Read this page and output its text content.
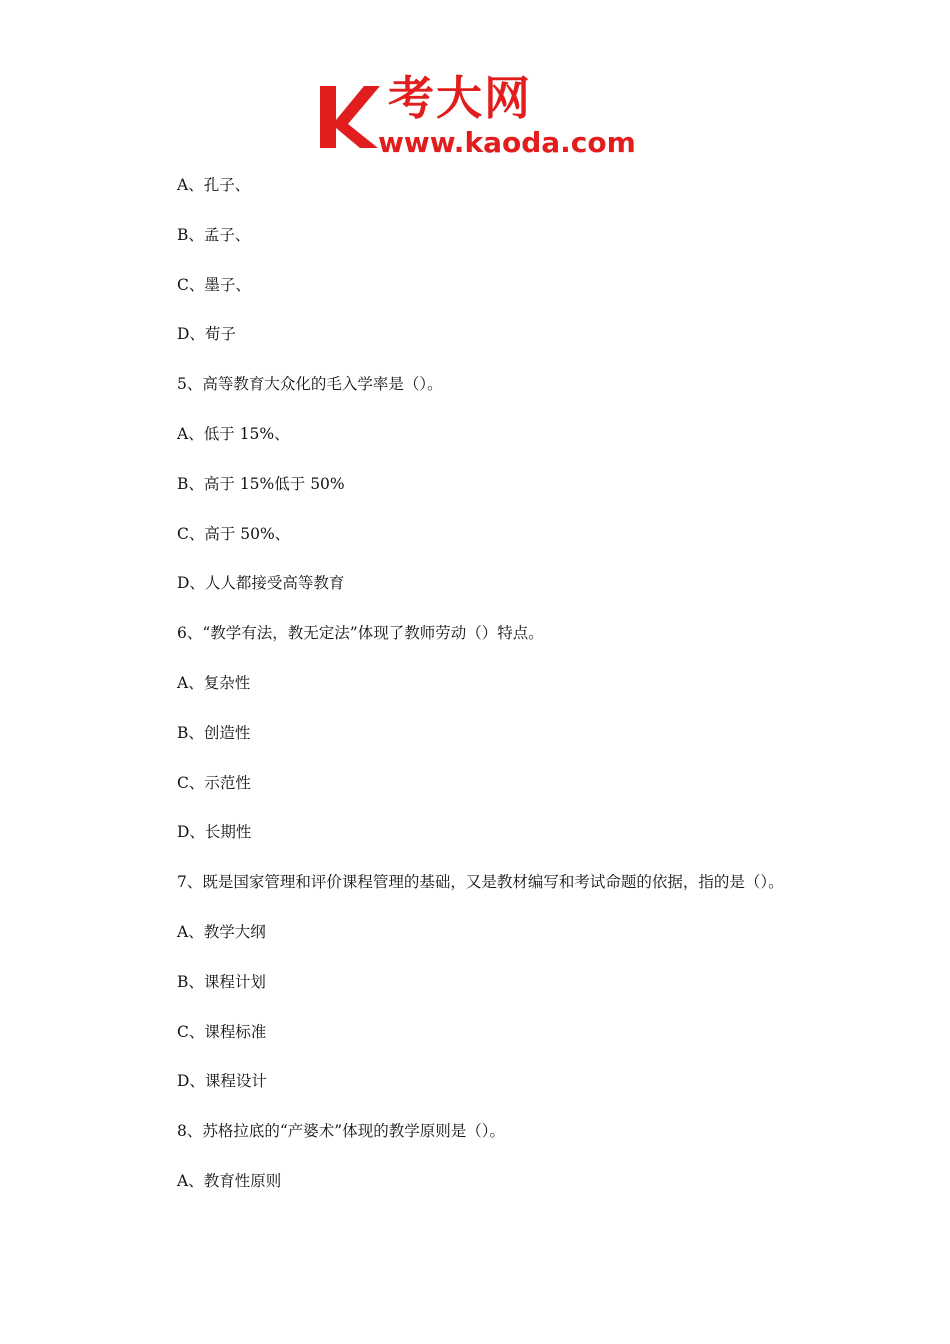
考大网
www.kaoda.com
A、孔子、
B、孟子、
C、墨子、
D、荀子
5、高等教育大众化的毛入学率是（）。
A、低于 15%、
B、高于 15%低于 50%
C、高于 50%、
D、人人都接受高等教育
6、“教学有法，教无定法”体现了教师劳动（）特点。
A、复杂性
B、创造性
C、示范性
D、长期性
7、既是国家管理和评价课程管理的基础，又是教材编写和考试命题的依据，指的是（）。
A、教学大纲
B、课程计划
C、课程标准
D、课程设计
8、苏格拉底的“产婆术”体现的教学原则是（）。
A、教育性原则
